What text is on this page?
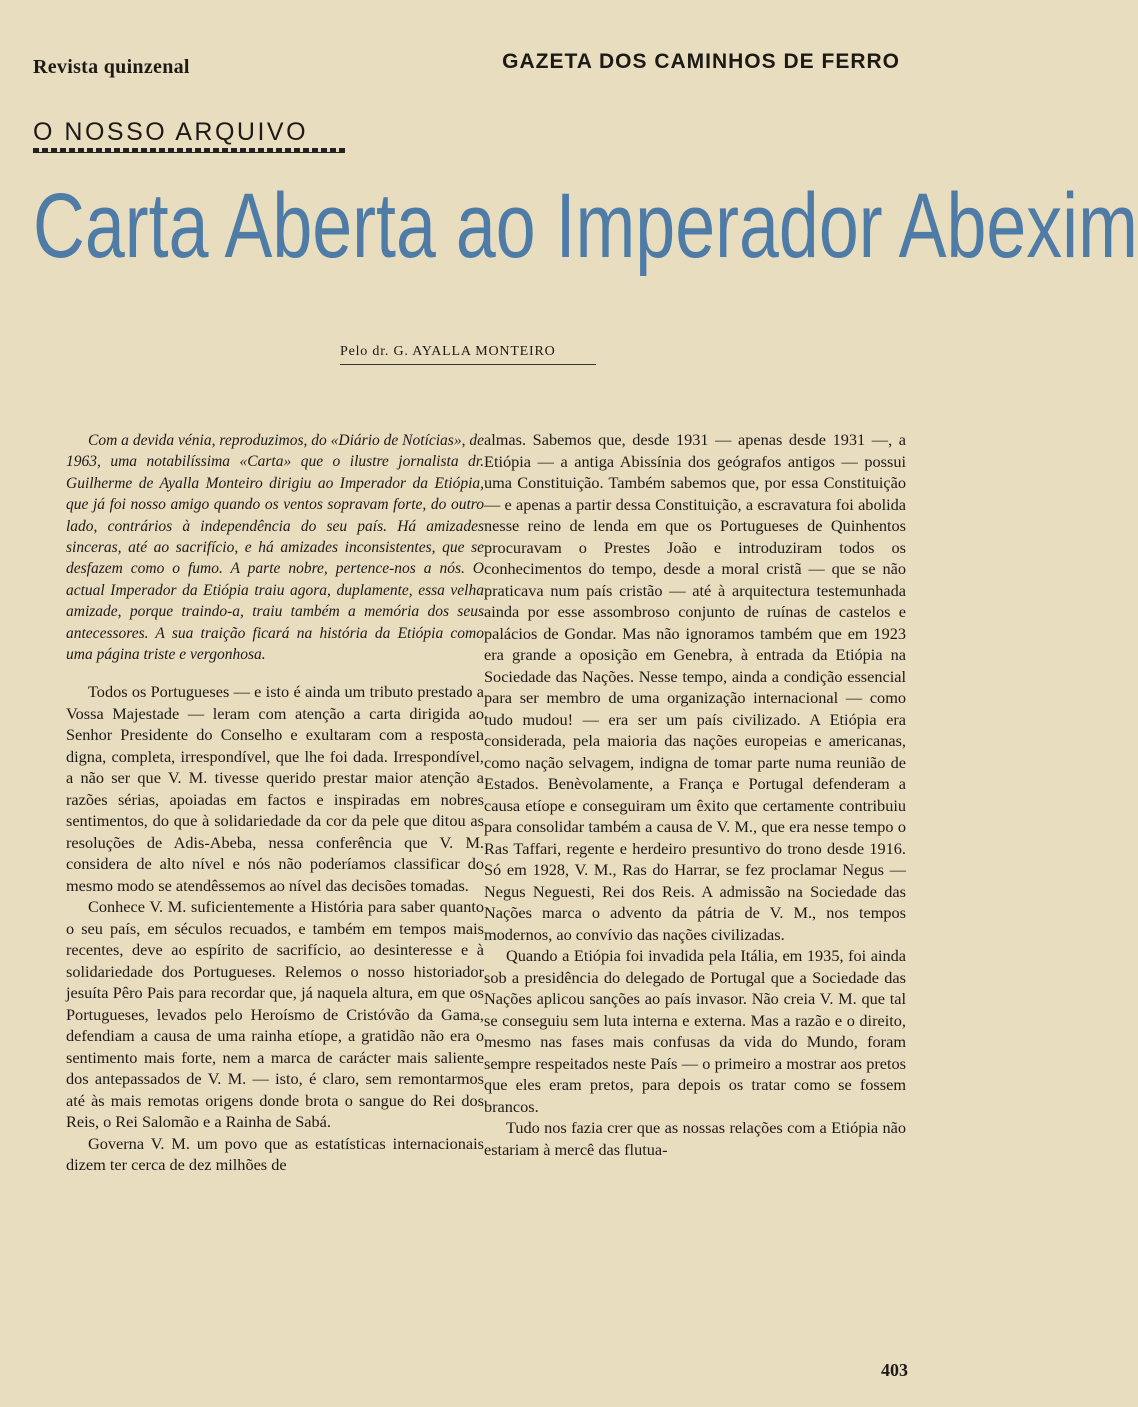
Revista quinzenal	GAZETA DOS CAMINHOS DE FERRO
O NOSSO ARQUIVO
Carta Aberta ao Imperador Abexim
Pelo dr. G. AYALLA MONTEIRO

Com a devida vénia, reproduzimos, do «Diário de Notícias», de 1963, uma notabilíssima «Carta» que o ilustre jornalista dr. Guilherme de Ayalla Monteiro dirigiu ao Imperador da Etiópia, que já foi nosso amigo quando os ventos sopravam forte, do outro lado, contrários à independência do seu país. Há amizades sinceras, até ao sacrifício, e há amizades inconsistentes, que se desfazem como o fumo. A parte nobre, pertence-nos a nós. O actual Imperador da Etiópia traiu agora, duplamente, essa velha amizade, porque traindo-a, traiu também a memória dos seus antecessores. A sua traição ficará na história da Etiópia como uma página triste e vergonhosa.

Todos os Portugueses — e isto é ainda um tributo prestado a Vossa Majestade — leram com atenção a carta dirigida ao Senhor Presidente do Conselho e exultaram com a resposta digna, completa, irrespondível, que lhe foi dada. Irrespondível, a não ser que V. M. tivesse querido prestar maior atenção a razões sérias, apoiadas em factos e inspiradas em nobres sentimentos, do que à solidariedade da cor da pele que ditou as resoluções de Adis-Abeba, nessa conferência que V. M. considera de alto nível e nós não poderíamos classificar do mesmo modo se atendêssemos ao nível das decisões tomadas.

Conhece V. M. suficientemente a História para saber quanto o seu país, em séculos recuados, e também em tempos mais recentes, deve ao espírito de sacrifício, ao desinteresse e à solidariedade dos Portugueses. Relemos o nosso historiador jesuíta Pêro Pais para recordar que, já naquela altura, em que os Portugueses, levados pelo Heroísmo de Cristóvão da Gama, defendiam a causa de uma rainha etíope, a gratidão não era o sentimento mais forte, nem a marca de carácter mais saliente dos antepassados de V. M. — isto, é claro, sem remontarmos até às mais remotas origens donde brota o sangue do Rei dos Reis, o Rei Salomão e a Rainha de Sabá.

Governa V. M. um povo que as estatísticas internacionais dizem ter cerca de dez milhões de

almas. Sabemos que, desde 1931 — apenas desde 1931 —, a Etiópia — a antiga Abissínia dos geógrafos antigos — possui uma Constituição. Também sabemos que, por essa Constituição — e apenas a partir dessa Constituição, a escravatura foi abolida nesse reino de lenda em que os Portugueses de Quinhentos procuravam o Prestes João e introduziram todos os conhecimentos do tempo, desde a moral cristã — que se não praticava num país cristão — até à arquitectura testemunhada ainda por esse assombroso conjunto de ruínas de castelos e palácios de Gondar. Mas não ignoramos também que em 1923 era grande a oposição em Genebra, à entrada da Etiópia na Sociedade das Nações. Nesse tempo, ainda a condição essencial para ser membro de uma organização internacional — como tudo mudou! — era ser um país civilizado. A Etiópia era considerada, pela maioria das nações europeias e americanas, como nação selvagem, indigna de tomar parte numa reunião de Estados. Benèvolamente, a França e Portugal defenderam a causa etíope e conseguiram um êxito que certamente contribuiu para consolidar também a causa de V. M., que era nesse tempo o Ras Taffari, regente e herdeiro presuntivo do trono desde 1916. Só em 1928, V. M., Ras do Harrar, se fez proclamar Negus — Negus Neguesti, Rei dos Reis. A admissão na Sociedade das Nações marca o advento da pátria de V. M., nos tempos modernos, ao convívio das nações civilizadas.

Quando a Etiópia foi invadida pela Itália, em 1935, foi ainda sob a presidência do delegado de Portugal que a Sociedade das Nações aplicou sanções ao país invasor. Não creia V. M. que tal se conseguiu sem luta interna e externa. Mas a razão e o direito, mesmo nas fases mais confusas da vida do Mundo, foram sempre respeitados neste País — o primeiro a mostrar aos pretos que eles eram pretos, para depois os tratar como se fossem brancos.

Tudo nos fazia crer que as nossas relações com a Etiópia não estariam à mercê das flutua-

403
